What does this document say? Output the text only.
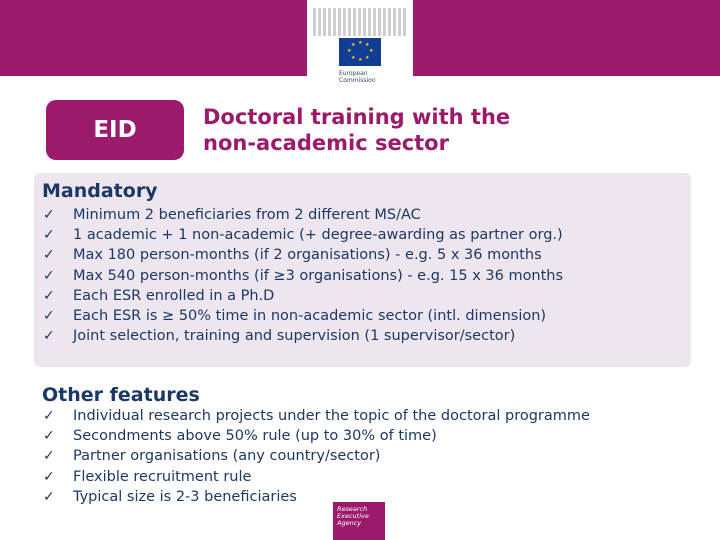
★ ★
★
★
★
★
★
★
European
Commission
EID	Doctoral training with the
non-academic sector
Mandatory
✓ Minimum 2 beneficiaries from 2 different MS/AC
✓ 1 academic + 1 non-academic (+ degree-awarding as partner org.)
✓ Max 180 person-months (if 2 organisations) - e.g. 5 x 36 months
✓ Max 540 person-months (if ≥3 organisations) - e.g. 15 x 36 months
✓ Each ESR enrolled in a Ph.D
✓ Each ESR is ≥ 50% time in non-academic sector (intl. dimension)
✓ Joint selection, training and supervision (1 supervisor/sector)
Other features
✓ Individual research projects under the topic of the doctoral programme
✓ Secondments above 50% rule (up to 30% of time)
✓ Partner organisations (any country/sector)
✓ Flexible recruitment rule
✓ Typical size is 2-3 beneficiaries
Research
Executive
Agency
